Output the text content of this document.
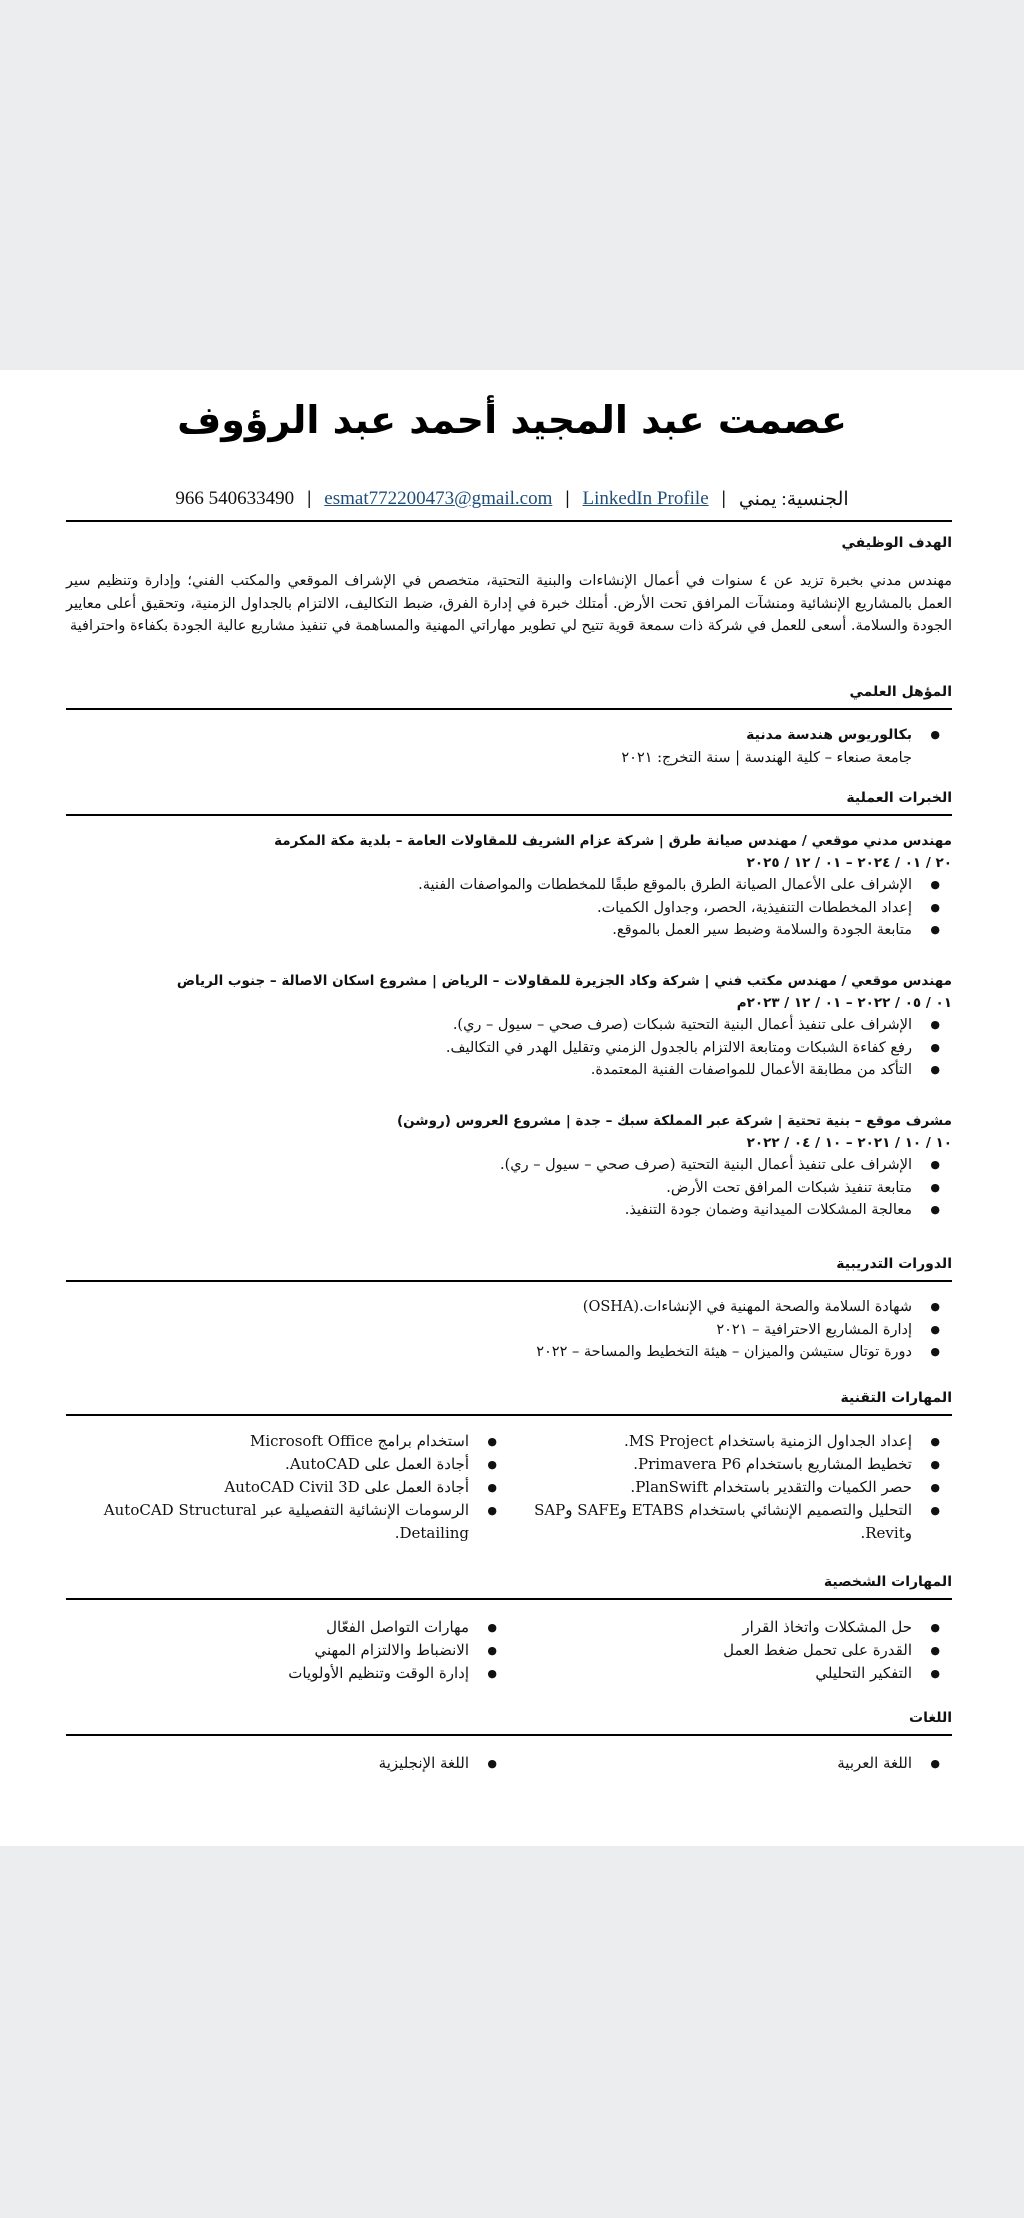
عصمت عبد المجيد أحمد عبد الرؤوف
الجنسية: يمني
|
LinkedIn Profile
|
esmat772200473@gmail.com
|
966 540633490
الهدف الوظيفي

مهندس مدني بخبرة تزيد عن ٤ سنوات في أعمال الإنشاءات والبنية التحتية، متخصص في الإشراف الموقعي والمكتب الفني؛ وإدارة وتنظيم سير العمل بالمشاريع الإنشائية ومنشآت المرافق تحت الأرض. أمتلك خبرة في إدارة الفرق، ضبط التكاليف، الالتزام بالجداول الزمنية، وتحقيق أعلى معايير الجودة والسلامة. أسعى للعمل في شركة ذات سمعة قوية تتيح لي تطوير مهاراتي المهنية والمساهمة في تنفيذ مشاريع عالية الجودة بكفاءة واحترافية

المؤهل العلمي
● بكالوريوس هندسة مدنية
جامعة صنعاء – كلية الهندسة | سنة التخرج: ٢٠٢١
الخبرات العملية
مهندس مدني موقعي / مهندس صيانة طرق | شركة عزام الشريف للمقاولات العامة – بلدية مكة المكرمة
٢٠ / ٠١ / ٢٠٢٤ – ٠١ / ١٢ / ٢٠٢٥
● الإشراف على الأعمال الصيانة الطرق بالموقع طبقًا للمخططات والمواصفات الفنية.
● إعداد المخططات التنفيذية، الحصر، وجداول الكميات.
● متابعة الجودة والسلامة وضبط سير العمل بالموقع.
مهندس موقعي / مهندس مكتب فني | شركة وكاد الجزيرة للمقاولات – الرياض | مشروع اسكان الاصالة – جنوب الرياض
٠١ / ٠٥ / ٢٠٢٢ – ٠١ / ١٢ / ٢٠٢٣م
● الإشراف على تنفيذ أعمال البنية التحتية شبكات (صرف صحي – سيول – ري).
● رفع كفاءة الشبكات ومتابعة الالتزام بالجدول الزمني وتقليل الهدر في التكاليف.
● التأكد من مطابقة الأعمال للمواصفات الفنية المعتمدة.
مشرف موقع – بنية تحتية | شركة عبر المملكة سبك – جدة | مشروع العروس (روشن)
١٠ / ١٠ / ٢٠٢١ – ١٠ / ٠٤ / ٢٠٢٢
● الإشراف على تنفيذ أعمال البنية التحتية (صرف صحي – سيول – ري).
● متابعة تنفيذ شبكات المرافق تحت الأرض.
● معالجة المشكلات الميدانية وضمان جودة التنفيذ.
الدورات التدريبية
● شهادة السلامة والصحة المهنية في الإنشاءات.(OSHA)
● إدارة المشاريع الاحترافية – ٢٠٢١
● دورة توتال ستيشن والميزان – هيئة التخطيط والمساحة – ٢٠٢٢
المهارات التقنية
● إعداد الجداول الزمنية باستخدام MS Project.
● تخطيط المشاريع باستخدام Primavera P6.
● حصر الكميات والتقدير باستخدام PlanSwift.
● التحليل والتصميم الإنشائي باستخدام ETABS وSAFE وSAP وRevit.
● استخدام برامج Microsoft Office
● أجادة العمل على AutoCAD.
● أجادة العمل على AutoCAD Civil 3D
● الرسومات الإنشائية التفصيلية عبر AutoCAD Structural Detailing.
المهارات الشخصية
● حل المشكلات واتخاذ القرار
● القدرة على تحمل ضغط العمل
● التفكير التحليلي
● مهارات التواصل الفعّال
● الانضباط والالتزام المهني
● إدارة الوقت وتنظيم الأولويات
اللغات
● اللغة العربية
● اللغة الإنجليزية
